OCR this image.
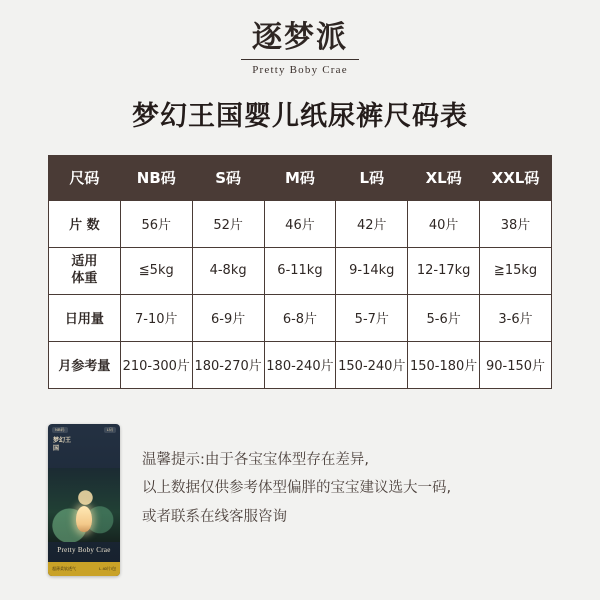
逐梦派
Pretty Boby Crae
梦幻王国婴儿纸尿裤尺码表
尺码	NB码	S码	M码	L码	XL码	XXL码
片 数	56片	52片	46片	42片	40片	38片

适用
体重	≦5kg	4-8kg	6-11kg	9-14kg	12-17kg	≧15kg
日用量	7-10片	6-9片	6-8片	5-7片	5-6片	3-6片
月参考量	210-300片	180-270片	180-240片	150-240片	150-180片	90-150片
NB码	L码
梦幻王国
Pretty Boby Crae
超薄柔软透气	L 40片/包
温馨提示:由于各宝宝体型存在差异,
以上数据仅供参考体型偏胖的宝宝建议选大一码,
或者联系在线客服咨询
